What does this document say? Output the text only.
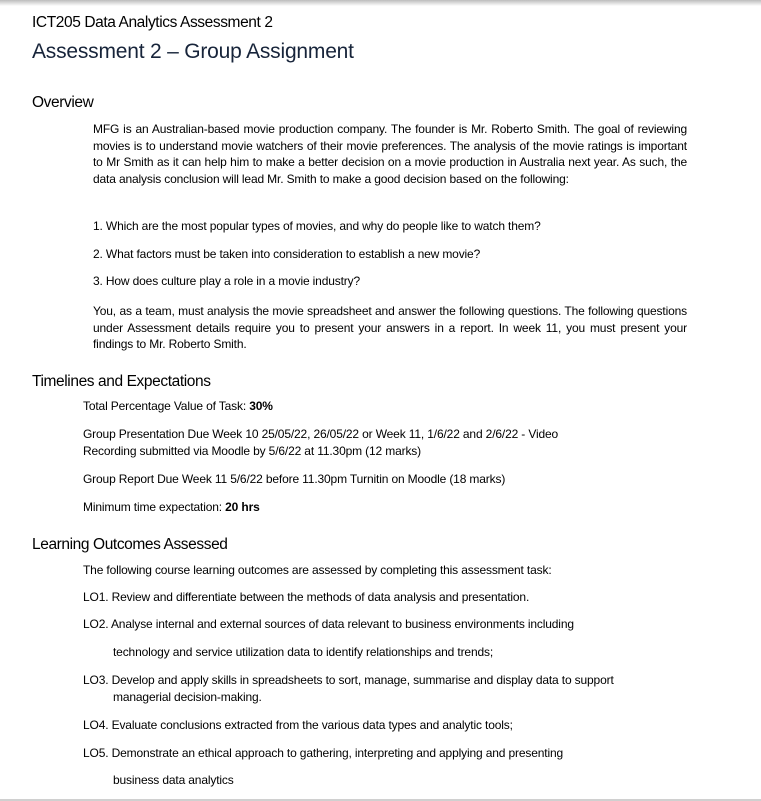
ICT205 Data Analytics Assessment 2
Assessment 2 – Group Assignment
Overview
MFG is an Australian-based movie production company. The founder is Mr. Roberto Smith. The goal of reviewing movies is to understand movie watchers of their movie preferences. The analysis of the movie ratings is important to Mr Smith as it can help him to make a better decision on a movie production in Australia next year. As such, the data analysis conclusion will lead Mr. Smith to make a good decision based on the following:
1. Which are the most popular types of movies, and why do people like to watch them?
2. What factors must be taken into consideration to establish a new movie?
3. How does culture play a role in a movie industry?
You, as a team, must analysis the movie spreadsheet and answer the following questions. The following questions under Assessment details require you to present your answers in a report. In week 11, you must present your findings to Mr. Roberto Smith.
Timelines and Expectations
Total Percentage Value of Task: 30%
Group Presentation Due Week 10 25/05/22, 26/05/22 or Week 11, 1/6/22 and 2/6/22 - Video
Recording submitted via Moodle by 5/6/22 at 11.30pm (12 marks)
Group Report Due Week 11 5/6/22 before 11.30pm Turnitin on Moodle (18 marks)
Minimum time expectation: 20 hrs
Learning Outcomes Assessed
The following course learning outcomes are assessed by completing this assessment task:
LO1. Review and differentiate between the methods of data analysis and presentation.
LO2. Analyse internal and external sources of data relevant to business environments including
technology and service utilization data to identify relationships and trends;
LO3. Develop and apply skills in spreadsheets to sort, manage, summarise and display data to support
managerial decision-making.
LO4. Evaluate conclusions extracted from the various data types and analytic tools;
LO5. Demonstrate an ethical approach to gathering, interpreting and applying and presenting
business data analytics
